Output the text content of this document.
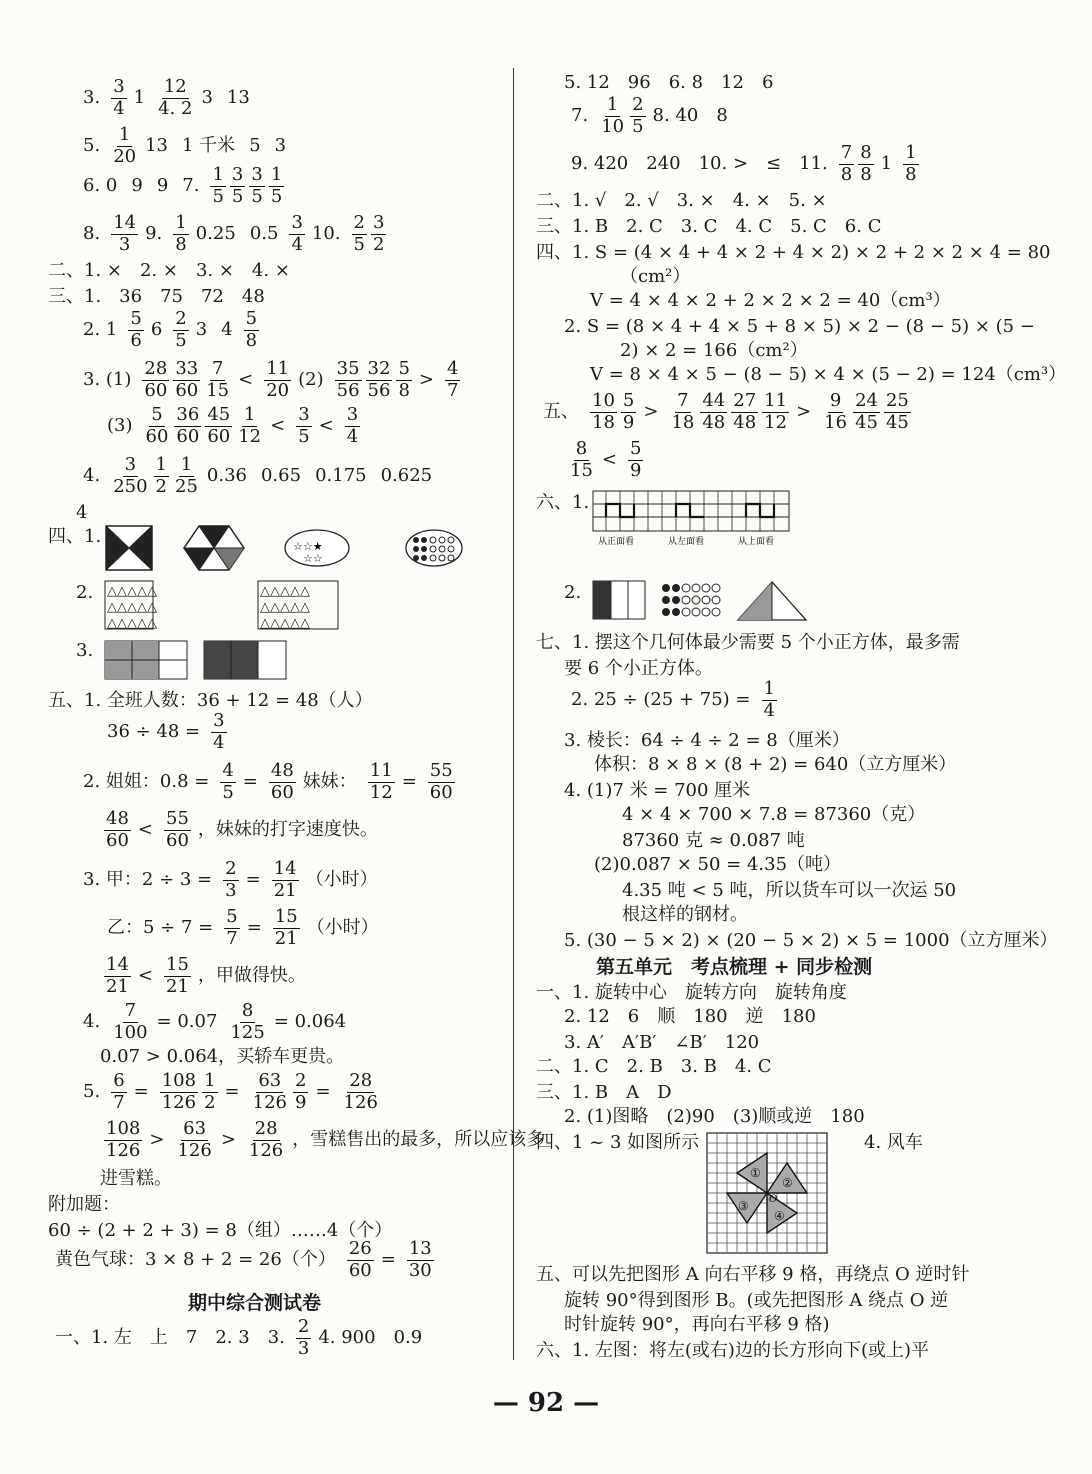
3. $\frac{3}{4} 1 \frac{12}{4. 2} 3$ 13
5. $\frac{1}{20} 13$ 1 千米 5 3
6. 0 9 9 7. $\frac{1}{5} \frac{3}{5} \frac{3}{5} \frac{1}{5}$
8. $\frac{14}{3} 9$. $\frac{1}{8} 0.25$ $0.5 \frac{3}{4} 10$. $\frac{2}{5} \frac{3}{2}$
二、1. ×　2. ×　3. ×　4. ×
三、1.　36　75　72　48
2. $1 \frac{5}{6} 6 \frac{2}{5} 3$ $4 \frac{5}{8}$
3. $(1) \frac{28}{60} \frac{33}{60} \frac{7}{15} < \frac{11}{20} (2) \frac{35}{56} \frac{32}{56} \frac{5}{8} > \frac{4}{7}$
$(3) \frac{5}{60} \frac{36}{60} \frac{45}{60} \frac{1}{12} < \frac{3}{5} < \frac{3}{4}$
4. $\frac{3}{250} \frac{1}{2} \frac{1}{25} 0.36$ 0.65 0.175 0.625
4
四、1.	☆☆★
☆☆
2. △△△△△
△△△△△
△△△△△
△△△△△
△△△△△
△△△△△
3.
五、1. 全班人数：36 + 12 = 48（人）
$36 \div 48 = \frac{3}{4}$
2. 姐姐：$0.8 = \frac{4}{5} = \frac{48}{60}$ 妹妹： $\frac{11}{12} = \frac{55}{60}$
$\frac{48}{60} < \frac{55}{60}$ ，妹妹的打字速度快。
3. 甲：$2 \div 3 = \frac{2}{3} = \frac{14}{21}$ （小时）
乙：$5 \div 7 = \frac{5}{7} = \frac{15}{21}$ （小时）
$\frac{14}{21} < \frac{15}{21}$ ，甲做得快。
4. $\frac{7}{100} = 0.07 \frac{8}{125} = 0.064$
0.07 > 0.064，买轿车更贵。
5. $\frac{6}{7} = \frac{108}{126} \frac{1}{2} = \frac{63}{126} \frac{2}{9} = \frac{28}{126}$
$\frac{108}{126} > \frac{63}{126} > \frac{28}{126}$ ，雪糕售出的最多，所以应该多
进雪糕。
附加题：
60 ÷ (2 + 2 + 3) = 8（组）……4（个）
黄色气球：3 × 8 + 2 = 26（个） $\frac{26}{60} = \frac{13}{30}$
期中综合测试卷
一、1. 左　上　7　2. 3　3. $\frac{2}{3} 4$. 900　0.9
5. 12　96　6. 8　12　6
7. $\frac{1}{10} \frac{2}{5} 8$. 40　8
9. 420　240　10. >　≤　11. $\frac{7}{8} \frac{8}{8} 1 \frac{1}{8}$
二、1. √　2. √　3. ×　4. ×　5. ×
三、1. B　2. C　3. C　4. C　5. C　6. C
四、1. S = (4 × 4 + 4 × 2 + 4 × 2) × 2 + 2 × 2 × 4 = 80
（cm²）
V = 4 × 4 × 2 + 2 × 2 × 2 = 40（cm³）
2. S = (8 × 4 + 4 × 5 + 8 × 5) × 2 − (8 − 5) × (5 −
2) × 2 = 166（cm²）
V = 8 × 4 × 5 − (8 − 5) × 4 × (5 − 2) = 124（cm³）
五、 $\frac{10}{18} \frac{5}{9} > \frac{7}{18} \frac{44}{48} \frac{27}{48} \frac{11}{12} > \frac{9}{16} \frac{24}{45} \frac{25}{45}$
$\frac{8}{15} < \frac{5}{9}$
六、1.
从正面看	从左面看	从上面看
2.
七、1. 摆这个几何体最少需要 5 个小正方体，最多需
要 6 个小正方体。
2. $25 \div (25 + 75) = \frac{1}{4}$
3. 棱长：64 ÷ 4 ÷ 2 = 8（厘米）
体积：8 × 8 × (8 + 2) = 640（立方厘米）
4. (1)7 米 = 700 厘米
4 × 4 × 700 × 7.8 = 87360（克）
87360 克 ≈ 0.087 吨
(2)0.087 × 50 = 4.35（吨）
4.35 吨 < 5 吨，所以货车可以一次运 50
根这样的钢材。
5. (30 − 5 × 2) × (20 − 5 × 2) × 5 = 1000（立方厘米）
第五单元　考点梳理 + 同步检测
一、1. 旋转中心　旋转方向　旋转角度
2. 12　6　顺　180　逆　180
3. A′　A′B′　∠B′　120
二、1. C　2. B　3. B　4. C
三、1. B　A　D
2. (1)图略　(2)90　(3)顺或逆　180
四、1 ~ 3 如图所示	4. 风车
①
②
③
④
O
五、可以先把图形 A 向右平移 9 格，再绕点 O 逆时针
旋转 90°得到图形 B。(或先把图形 A 绕点 O 逆
时针旋转 90°，再向右平移 9 格)
六、1. 左图：将左(或右)边的长方形向下(或上)平
— 92 —
